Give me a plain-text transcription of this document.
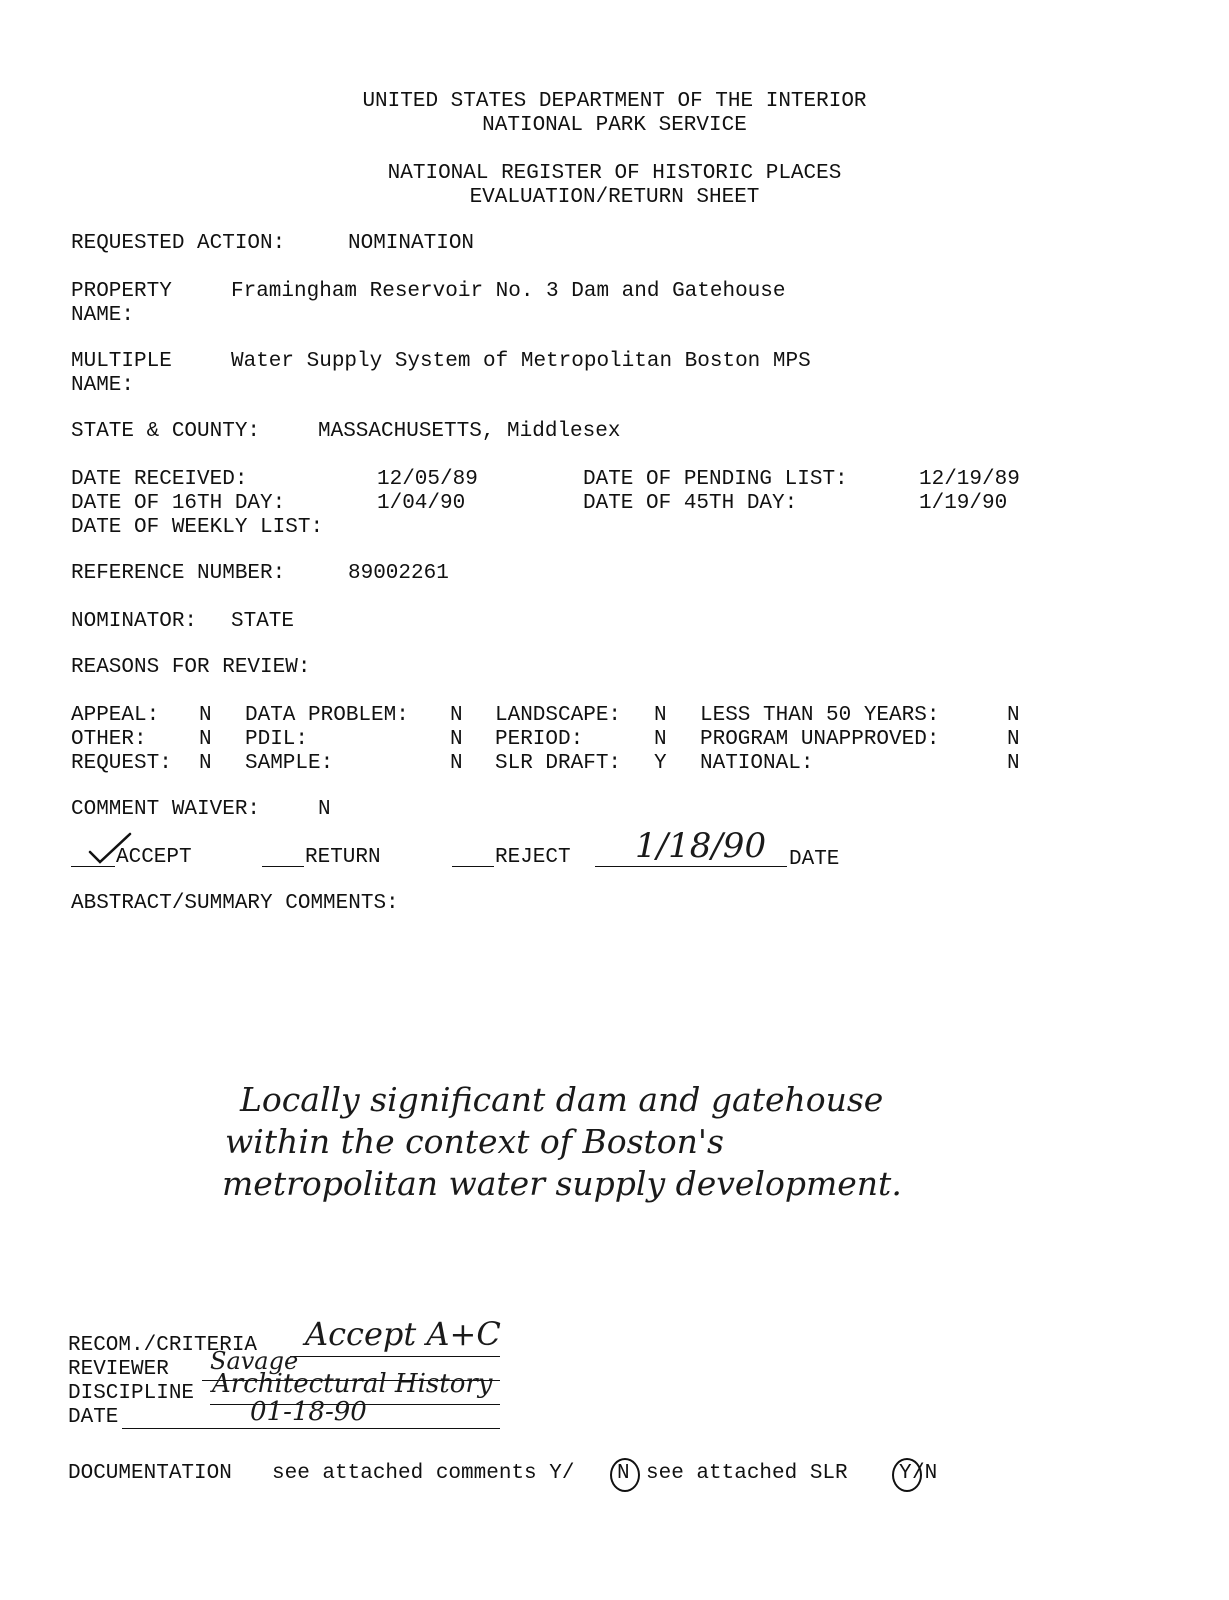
UNITED STATES DEPARTMENT OF THE INTERIOR
NATIONAL PARK SERVICE
NATIONAL REGISTER OF HISTORIC PLACES
EVALUATION/RETURN SHEET
REQUESTED ACTION:	NOMINATION
PROPERTY
NAME:
Framingham Reservoir No. 3 Dam and Gatehouse
MULTIPLE
NAME:
Water Supply System of Metropolitan Boston MPS
STATE & COUNTY:	MASSACHUSETTS, Middlesex
DATE RECEIVED:	12/05/89	DATE OF PENDING LIST:	12/19/89
DATE OF 16TH DAY:	1/04/90	DATE OF 45TH DAY:	1/19/90
DATE OF WEEKLY LIST:
REFERENCE NUMBER:	89002261
NOMINATOR: STATE
REASONS FOR REVIEW:
APPEAL: N DATA PROBLEM: N LANDSCAPE: N LESS THAN 50 YEARS:	N
OTHER: N PDIL:	N PERIOD:	N PROGRAM UNAPPROVED:	N
REQUEST: N SAMPLE:	N SLR DRAFT: Y NATIONAL:	N
COMMENT WAIVER:	N
ACCEPT	RETURN	REJECT 1/18/90 DATE
ABSTRACT/SUMMARY COMMENTS:
Locally significant dam and gatehouse
within the context of Boston's
metropolitan water supply development.
RECOM./CRITERIA Accept A+C
REVIEWER Savage
DISCIPLINE Architectural History
DATE	01-18-90
DOCUMENTATION see attached comments Y/ N see attached SLR Y /N
